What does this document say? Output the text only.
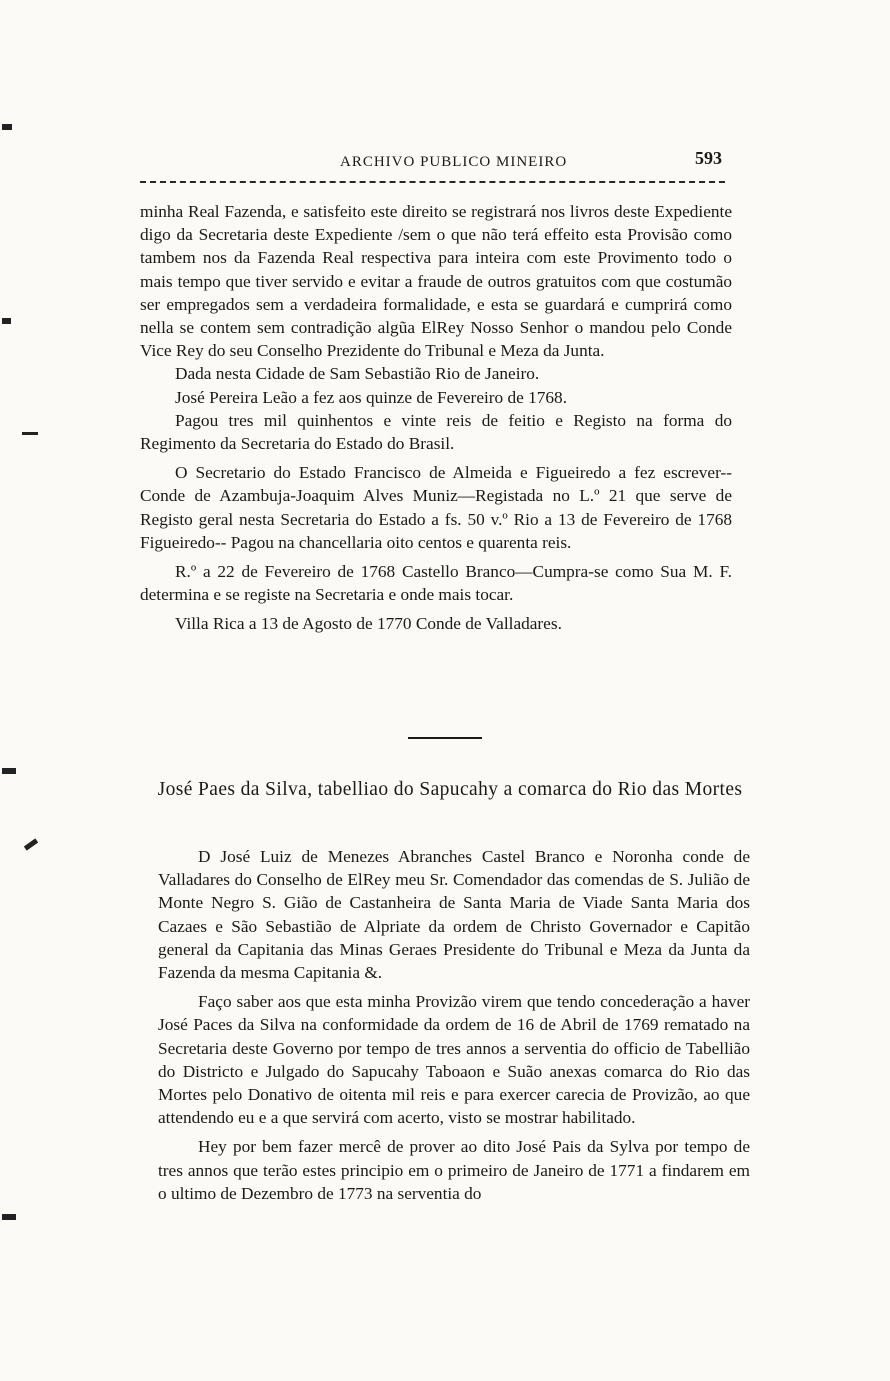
ARCHIVO PUBLICO MINEIRO	593

minha Real Fazenda, e satisfeito este direito se registrará nos livros deste Expediente digo da Secretaria deste Expediente /sem o que não terá effeito esta Provisão como tambem nos da Fazenda Real respectiva para inteira com este Provimento todo o mais tempo que tiver servido e evitar a fraude de outros gratuitos com que costumão ser empregados sem a verdadeira formalidade, e esta se guardará e cumprirá como nella se contem sem contradição algũa ElRey Nosso Senhor o mandou pelo Conde Vice Rey do seu Conselho Prezidente do Tribunal e Meza da Junta.

Dada nesta Cidade de Sam Sebastião Rio de Janeiro.

José Pereira Leão a fez aos quinze de Fevereiro de 1768.

Pagou tres mil quinhentos e vinte reis de feitio e Registo na forma do Regimento da Secretaria do Estado do Brasil.

O Secretario do Estado Francisco de Almeida e Figueiredo a fez escrever--Conde de Azambuja-Joaquim Alves Muniz—Registada no L.º 21 que serve de Registo geral nesta Secretaria do Estado a fs. 50 v.º Rio a 13 de Fevereiro de 1768 Figueiredo-- Pagou na chancellaria oito centos e quarenta reis.

R.º a 22 de Fevereiro de 1768 Castello Branco—Cumpra-se como Sua M. F. determina e se registe na Secretaria e onde mais tocar.

Villa Rica a 13 de Agosto de 1770 Conde de Valladares.

José Paes da Silva, tabelliao do Sapucahy a comarca do Rio das Mortes

D José Luiz de Menezes Abranches Castel Branco e Noronha conde de Valladares do Conselho de ElRey meu Sr. Comendador das comendas de S. Julião de Monte Negro S. Gião de Castanheira de Santa Maria de Viade Santa Maria dos Cazaes e São Sebastião de Alpriate da ordem de Christo Governador e Capitão general da Capitania das Minas Geraes Presidente do Tribunal e Meza da Junta da Fazenda da mesma Capitania &.

Faço saber aos que esta minha Provizão virem que tendo concederação a haver José Paces da Silva na conformidade da ordem de 16 de Abril de 1769 rematado na Secretaria deste Governo por tempo de tres annos a serventia do officio de Tabellião do Districto e Julgado do Sapucahy Taboaon e Suão anexas comarca do Rio das Mortes pelo Donativo de oitenta mil reis e para exercer carecia de Provizão, ao que attendendo eu e a que servirá com acerto, visto se mostrar habilitado.

Hey por bem fazer mercê de prover ao dito José Pais da Sylva por tempo de tres annos que terão estes principio em o primeiro de Janeiro de 1771 a findarem em o ultimo de Dezembro de 1773 na serventia do
